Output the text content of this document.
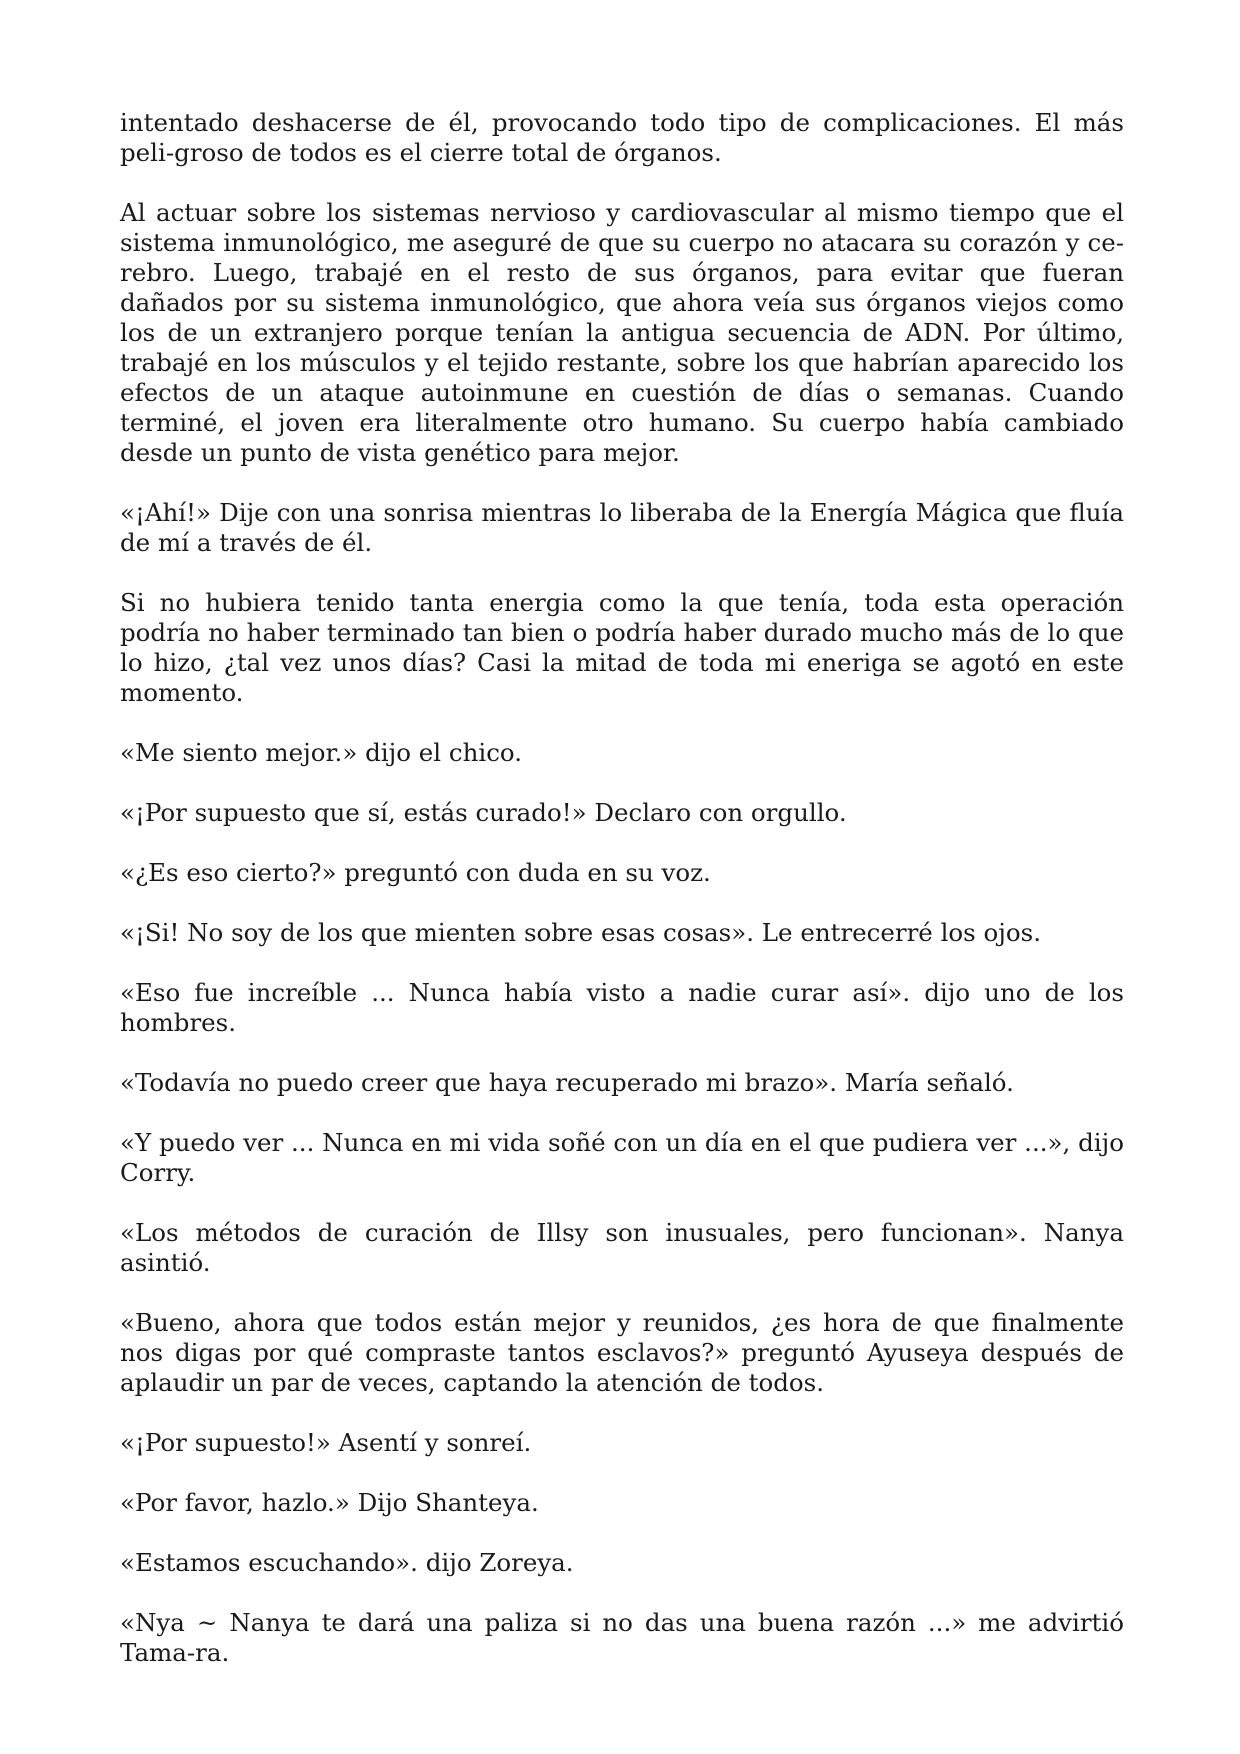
intentado deshacerse de él, provocando todo tipo de complicaciones. El más peli-groso de todos es el cierre total de órganos.

Al actuar sobre los sistemas nervioso y cardiovascular al mismo tiempo que el sistema inmunológico, me aseguré de que su cuerpo no atacara su corazón y ce-rebro. Luego, trabajé en el resto de sus órganos, para evitar que fueran dañados por su sistema inmunológico, que ahora veía sus órganos viejos como los de un extranjero porque tenían la antigua secuencia de ADN. Por último, trabajé en los músculos y el tejido restante, sobre los que habrían aparecido los efectos de un ataque autoinmune en cuestión de días o semanas. Cuando terminé, el joven era literalmente otro humano. Su cuerpo había cambiado desde un punto de vista genético para mejor.

«¡Ahí!» Dije con una sonrisa mientras lo liberaba de la Energía Mágica que fluía de mí a través de él.

Si no hubiera tenido tanta energia como la que tenía, toda esta operación podría no haber terminado tan bien o podría haber durado mucho más de lo que lo hizo, ¿tal vez unos días? Casi la mitad de toda mi eneriga se agotó en este momento.

«Me siento mejor.» dijo el chico.

«¡Por supuesto que sí, estás curado!» Declaro con orgullo.

«¿Es eso cierto?» preguntó con duda en su voz.

«¡Si! No soy de los que mienten sobre esas cosas». Le entrecerré los ojos.

«Eso fue increíble ... Nunca había visto a nadie curar así». dijo uno de los hombres.

«Todavía no puedo creer que haya recuperado mi brazo». María señaló.

«Y puedo ver ... Nunca en mi vida soñé con un día en el que pudiera ver ...», dijo Corry.

«Los métodos de curación de Illsy son inusuales, pero funcionan». Nanya asintió.

«Bueno, ahora que todos están mejor y reunidos, ¿es hora de que finalmente nos digas por qué compraste tantos esclavos?» preguntó Ayuseya después de aplaudir un par de veces, captando la atención de todos.

«¡Por supuesto!» Asentí y sonreí.

«Por favor, hazlo.» Dijo Shanteya.

«Estamos escuchando». dijo Zoreya.

«Nya ~ Nanya te dará una paliza si no das una buena razón ...» me advirtió Tama-ra.
